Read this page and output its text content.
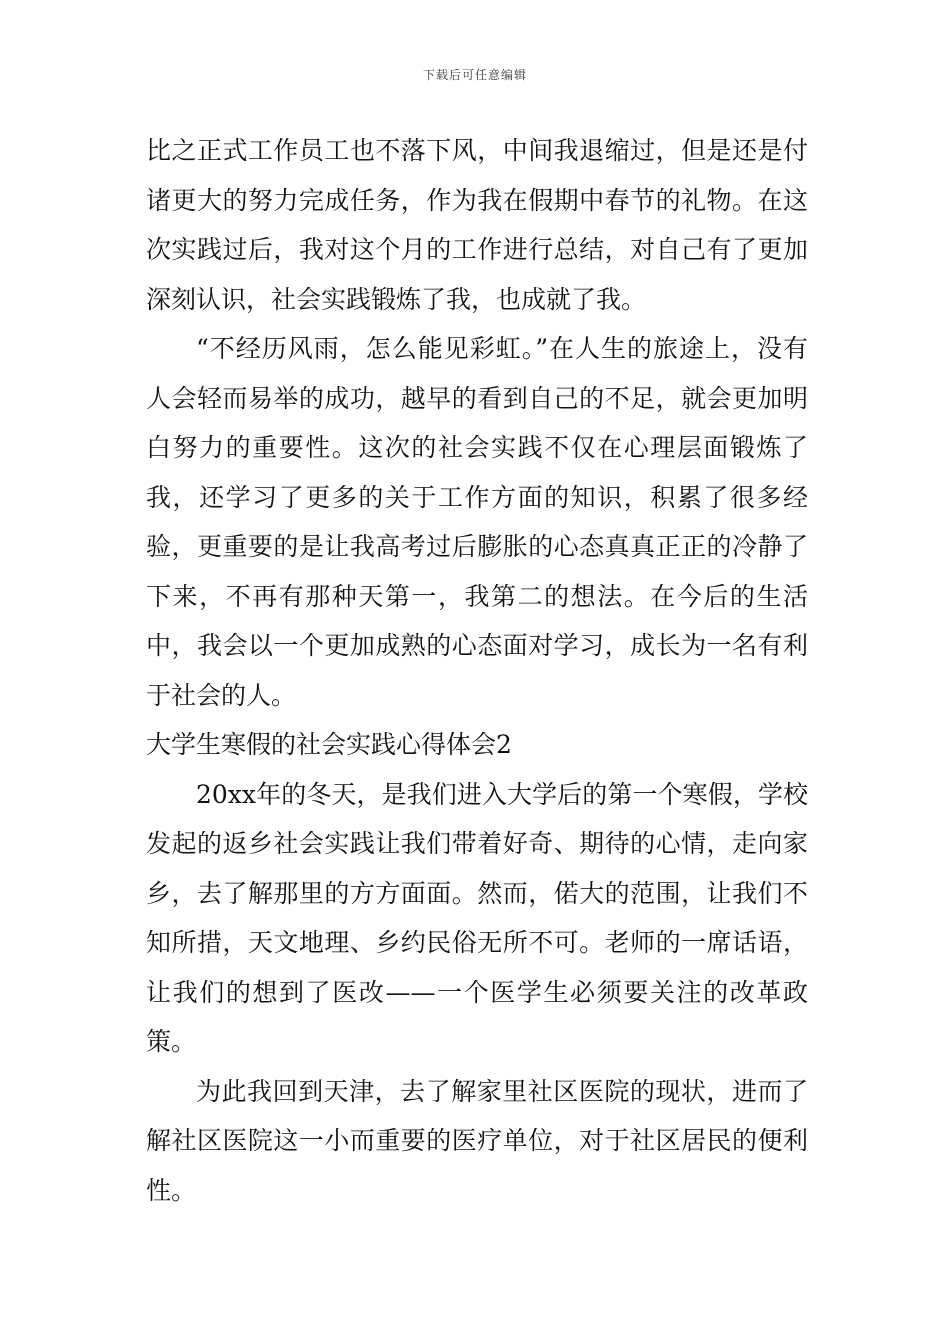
下载后可任意编辑

比之正式工作员工也不落下风，中间我退缩过，但是还是付诸更大的努力完成任务，作为我在假期中春节的礼物。在这次实践过后，我对这个月的工作进行总结，对自己有了更加深刻认识，社会实践锻炼了我，也成就了我。

“不经历风雨，怎么能见彩虹。”在人生的旅途上，没有人会轻而易举的成功，越早的看到自己的不足，就会更加明白努力的重要性。这次的社会实践不仅在心理层面锻炼了我，还学习了更多的关于工作方面的知识，积累了很多经验，更重要的是让我高考过后膨胀的心态真真正正的冷静了下来，不再有那种天第一，我第二的想法。在今后的生活中，我会以一个更加成熟的心态面对学习，成长为一名有利于社会的人。

大学生寒假的社会实践心得体会2

20xx年的冬天，是我们进入大学后的第一个寒假，学校发起的返乡社会实践让我们带着好奇、期待的心情，走向家乡，去了解那里的方方面面。然而，偌大的范围，让我们不知所措，天文地理、乡约民俗无所不可。老师的一席话语，让我们的想到了医改——一个医学生必须要关注的改革政策。

为此我回到天津，去了解家里社区医院的现状，进而了解社区医院这一小而重要的医疗单位，对于社区居民的便利性。
